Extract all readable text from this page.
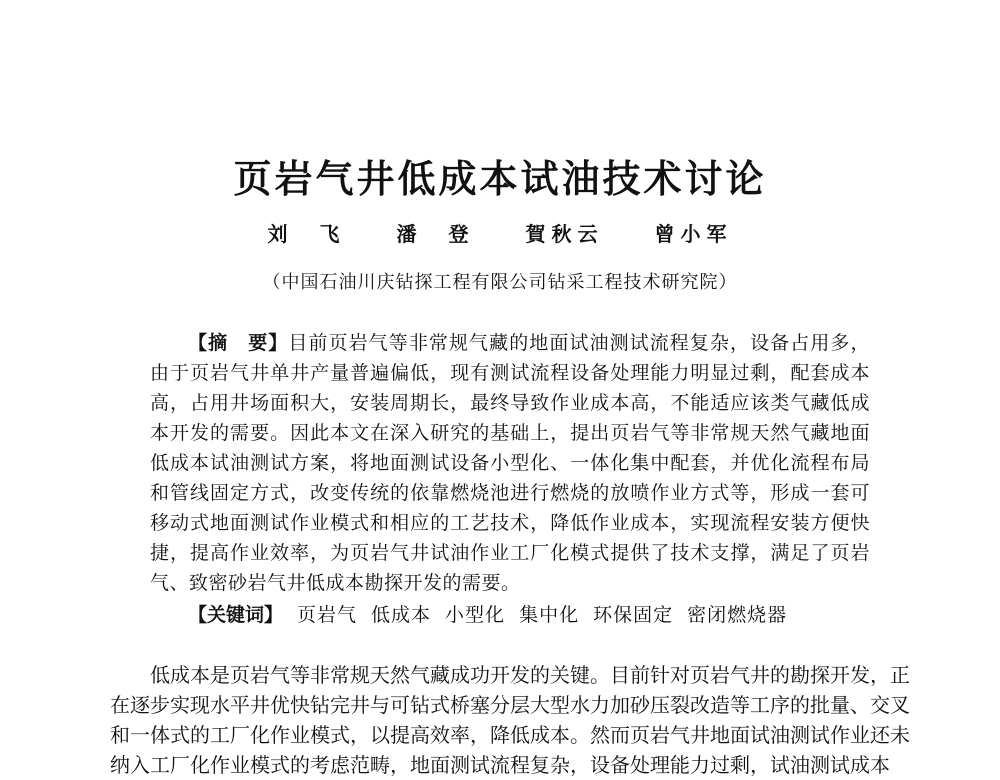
页岩气井低成本试油技术讨论
刘　飞	潘　登	賀秋云	曾小军
（中国石油川庆钻探工程有限公司钻采工程技术研究院）
【摘　要】目前页岩气等非常规气藏的地面试油测试流程复杂，设备占用多，由于页岩气井单井产量普遍偏低，现有测试流程设备处理能力明显过剩，配套成本高，占用井场面积大，安装周期长，最终导致作业成本高，不能适应该类气藏低成本开发的需要。因此本文在深入研究的基础上，提出页岩气等非常规天然气藏地面低成本试油测试方案，将地面测试设备小型化、一体化集中配套，并优化流程布局和管线固定方式，改变传统的依靠燃烧池进行燃烧的放喷作业方式等，形成一套可移动式地面测试作业模式和相应的工艺技术，降低作业成本，实现流程安装方便快捷，提高作业效率，为页岩气井试油作业工厂化模式提供了技术支撑，满足了页岩气、致密砂岩气井低成本勘探开发的需要。
【关键词】 页岩气 低成本 小型化 集中化 环保固定 密闭燃烧器
低成本是页岩气等非常规天然气藏成功开发的关键。目前针对页岩气井的勘探开发，正在逐步实现水平井优快钻完井与可钻式桥塞分层大型水力加砂压裂改造等工序的批量、交叉和一体式的工厂化作业模式，以提高效率，降低成本。然而页岩气井地面试油测试作业还未纳入工厂化作业模式的考虑范畴，地面测试流程复杂，设备处理能力过剩，试油测试成本
